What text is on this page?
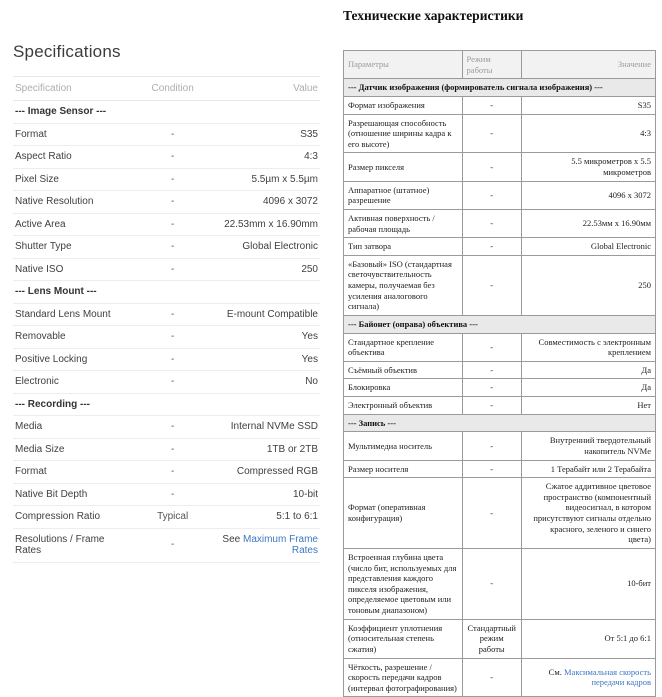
Specifications
Specification	Condition	Value
--- Image Sensor ---		
Format	-	S35
Aspect Ratio	-	4:3
Pixel Size	-	5.5µm x 5.5µm
Native Resolution	-	4096 x 3072
Active Area	-	22.53mm x 16.90mm
Shutter Type	-	Global Electronic
Native ISO	-	250
--- Lens Mount ---		
Standard Lens Mount	-	E-mount Compatible
Removable	-	Yes
Positive Locking	-	Yes
Electronic	-	No
--- Recording ---		
Media	-	Internal NVMe SSD
Media Size	-	1TB or 2TB
Format	-	Compressed RGB
Native Bit Depth	-	10-bit
Compression Ratio	Typical	5:1 to 6:1
Resolutions / Frame Rates	-	See Maximum Frame Rates
Технические характеристики
Параметры	Режим работы	Значение
--- Датчик изображения (формирователь сигнала изображения) ---		
Формат изображения	-	S35
Разрешающая способность (отношение ширины кадра к его высоте)	-	4:3
Размер пикселя	-	5.5 микрометров x 5.5 микрометров
Аппаратное (штатное) разрешение	-	4096 x 3072
Активная поверхность / рабочая площадь	-	22.53мм x 16.90мм
Тип затвора	-	Global Electronic
«Базовый» ISO (стандартная светочувствительность камеры, получаемая без усиления аналогового сигнала)	-	250
--- Байонет (оправа) объектива ---		
Стандартное крепление объектива	-	Совместимость с электронным креплением
Съёмный объектив	-	Да
Блокировка	-	Да
Электронный объектив	-	Нет
--- Запись ---		
Мультимедиа носитель	-	Внутренний твердотельный накопитель NVMe
Размер носителя	-	1 Терабайт или 2 Терабайта
Формат (оперативная конфигурация)	-	Сжатое аддитивное цветовое пространство (компонентный видеосигнал, в котором присутствуют сигналы отдельно красного, зеленого и синего цвета)
Встроенная глубина цвета (число бит, используемых для представления каждого пикселя изображения, определяемое цветовым или тоновым диапазоном)	-	10-бит
Коэффициент уплотнения (относительная степень сжатия)	Стандартный режим работы	От 5:1 до 6:1
Чёткость, разрешение / скорость передачи кадров (интервал фотографирования)	-	См. Максимальная скорость передачи кадров
